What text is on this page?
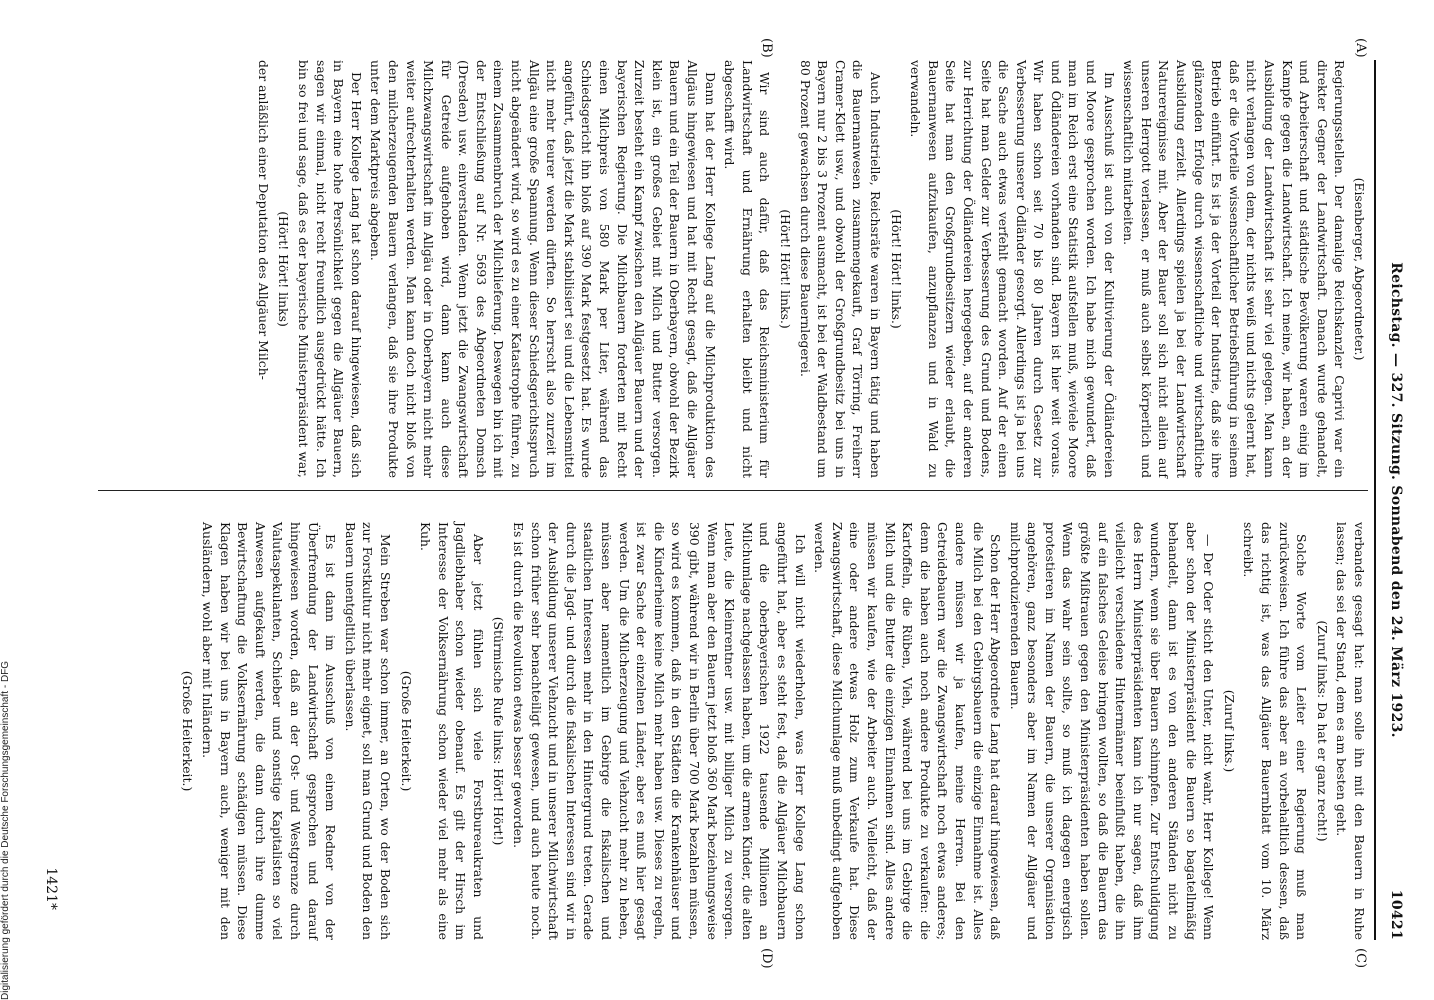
Reichstag. — 327. Sitzung. Sonnabend den 24. März 1923.
10421
(A)
(B)
(C)
(D)

(Eisenberger, Abgeordneter.)

Regierungsstellen. Der damalige Reichskanzler Caprivi war ein direkter Gegner der Landwirtschaft. Danach wurde gehandelt, und Arbeiterschaft und städtische Bevölkerung waren einig im Kampfe gegen die Landwirtschaft. Ich meine, wir haben, an der Ausbildung der Landwirtschaft ist sehr viel gelegen. Man kann nicht verlangen von dem, der nichts weiß und nichts gelernt hat, daß er die Vorteile wissenschaftlicher Betriebsführung in seinem Betrieb einführt. Es ist ja der Vorteil der Industrie, daß sie ihre glänzenden Erfolge durch wissenschaftliche und wirtschaftliche Ausbildung erzielt. Allerdings spielen ja bei der Landwirtschaft Naturereignisse mit. Aber der Bauer soll sich nicht allein auf unseren Herrgott verlassen, er muß auch selbst körperlich und wissenschaftlich mitarbeiten.

Im Ausschuß ist auch von der Kultivierung der Ödländereien und Moore gesprochen worden. Ich habe mich gewundert, daß man im Reich erst eine Statistik aufstellen muß, wieviele Moore und Ödländereien vorhanden sind. Bayern ist hier weit voraus. Wir haben schon seit 70 bis 80 Jahren durch Gesetz zur Verbesserung unserer Ödländer gesorgt. Allerdings ist ja bei uns die Sache auch etwas verfehlt gemacht worden. Auf der einen Seite hat man Gelder zur Verbesserung des Grund und Bodens, zur Herrichtung der Ödländereien hergegeben, auf der anderen Seite hat man den Großgrundbesitzern wieder erlaubt, die Bauernanwesen aufzukaufen, anzupflanzen und in Wald zu verwandeln.

(Hört! Hört! links.)

Auch Industrielle, Reichsräte waren in Bayern tätig und haben die Bauernanwesen zusammengekauft, Graf Törring, Freiherr Cramer-Klett usw., und obwohl der Großgrundbesitz bei uns in Bayern nur 2 bis 3 Prozent ausmacht, ist bei der Waldbestand um 80 Prozent gewachsen durch diese Bauernlegerei.

(Hört! Hört! links.)

Wir sind auch dafür, daß das Reichsministerium für Landwirtschaft und Ernährung erhalten bleibt und nicht abgeschafft wird.

Dann hat der Herr Kollege Lang auf die Milchproduktion des Allgäus hingewiesen und hat mit Recht gesagt, daß die Allgäuer Bauern und ein Teil der Bauern in Oberbayern, obwohl der Bezirk klein ist, ein großes Gebiet mit Milch und Butter versorgen. Zurzeit besteht ein Kampf zwischen den Allgäuer Bauern und der bayerischen Regierung. Die Milchbauern forderten mit Recht einen Milchpreis von 580 Mark per Liter, während das Schiedsgericht ihn bloß auf 390 Mark festgesetzt hat. Es wurde angeführt, daß jetzt die Mark stabilisiert sei und die Lebensmittel nicht mehr teurer werden dürften. So herrscht also zurzeit im Allgäu eine große Spannung. Wenn dieser Schiedsgerichtsspruch nicht abgeändert wird, so wird es zu einer Katastrophe führen, zu einem Zusammenbruch der Milchlieferung. Deswegen bin ich mit der Entschließung auf Nr. 5693 des Abgeordneten Domsch (Dresden) usw. einverstanden. Wenn jetzt die Zwangswirtschaft für Getreide aufgehoben wird, dann kann auch diese Milchzwangswirtschaft im Allgäu oder in Oberbayern nicht mehr weiter aufrechterhalten werden. Man kann doch nicht bloß von den milcherzeugenden Bauern verlangen, daß sie ihre Produkte unter dem Marktpreis abgeben.

Der Herr Kollege Lang hat schon darauf hingewiesen, daß sich in Bayern eine hohe Persönlichkeit gegen die Allgäuer Bauern, sagen wir einmal, nicht recht freundlich ausgedrückt hätte. Ich bin so frei und sage, daß es der bayerische Ministerpräsident war,

(Hört! Hört! links)

der anläßlich einer Deputation des Allgäuer Milch-

verbandes gesagt hat: man solle ihn mit den Bauern in Ruhe lassen; das sei der Stand, dem es am besten geht.

(Zuruf links: Da hat er ganz recht!)

Solche Worte vom Leiter einer Regierung muß man zurückweisen. Ich führe das aber an vorbehaltlich dessen, daß das richtig ist, was das Allgäuer Bauernblatt vom 10. März schreibt.

(Zuruf links.)

— Der Oder sticht den Unter, nicht wahr, Herr Kollege! Wenn aber schon der Ministerpräsident die Bauern so bagatellmäßig behandelt, dann ist es von den anderen Ständen nicht zu wundern, wenn sie über Bauern schimpfen. Zur Entschuldigung des Herrn Ministerpräsidenten kann ich nur sagen, daß ihm vielleicht verschiedene Hintermänner beeinflußt haben, die ihn auf ein falsches Geleise bringen wollten, so daß die Bauern das größte Mißtrauen gegen den Ministerpräsidenten haben sollen. Wenn das wahr sein sollte, so muß ich dagegen energisch protestieren im Namen der Bauern, die unserer Organisation angehören, ganz besonders aber im Namen der Allgäuer und milchproduzierenden Bauern.

Schon der Herr Abgeordnete Lang hat darauf hingewiesen, daß die Milch bei den Gebirgsbauern die einzige Einnahme ist. Alles andere müssen wir ja kaufen, meine Herren. Bei den Getreidebauern war die Zwangswirtschaft noch etwas anderes; denn die haben auch noch andere Produkte zu verkaufen: die Kartoffeln, die Rüben, Vieh, während bei uns im Gebirge die Milch und die Butter die einzigen Einnahmen sind. Alles andere müssen wir kaufen, wie der Arbeiter auch. Vielleicht, daß der eine oder andere etwas Holz zum Verkaufe hat. Diese Zwangswirtschaft, diese Milchumlage muß unbedingt aufgehoben werden.

Ich will nicht wiederholen, was Herr Kollege Lang schon angeführt hat, aber es steht fest, daß die Allgäuer Milchbauern und die oberbayerischen 1922 tausende Millionen an Milchumlage nachgelassen haben, um die armen Kinder, die alten Leute, die Kleinrentner usw. mit billiger Milch zu versorgen. Wenn man aber den Bauern jetzt bloß 360 Mark beziehungsweise 390 gibt, während wir in Berlin über 700 Mark bezahlen müssen, so wird es kommen, daß in den Städten die Krankenhäuser und die Kinderheime keine Milch mehr haben usw. Dieses zu regeln, ist zwar Sache der einzelnen Länder, aber es muß hier gesagt werden. Um die Milcherzeugung und Viehzucht mehr zu heben, müssen aber namentlich im Gebirge die fiskalischen und staatlichen Interessen mehr in den Hintergrund treten. Gerade durch die Jagd- und durch die fiskalischen Interessen sind wir in der Ausbildung unserer Viehzucht und in unserer Milchwirtschaft schon früher sehr benachteiligt gewesen, und auch heute noch. Es ist durch die Revolution etwas besser geworden.

(Stürmische Rufe links: Hört! Hört!)

Aber jetzt fühlen sich viele Forstbureaukraten und Jagdliebhaber schon wieder obenauf. Es gilt der Hirsch im Interesse der Volksernährung schon wieder viel mehr als eine Kuh.

(Große Heiterkeit.)

Mein Streben war schon immer, an Orten, wo der Boden sich zur Forstkultur nicht mehr eignet, soll man Grund und Boden den Bauern unentgeltlich überlassen.

Es ist dann im Ausschuß von einem Redner von der Überfremdung der Landwirtschaft gesprochen und darauf hingewiesen worden, daß an der Ost- und Westgrenze durch Valutaspekulanten, Schieber und sonstige Kapitalisten so viel Anwesen aufgekauft werden, die dann durch ihre dumme Bewirtschaftung die Volksernährung schädigen müssen. Diese Klagen haben wir bei uns in Bayern auch, weniger mit den Ausländern, wohl aber mit Inländern.

(Große Heiterkeit.)
1421*
Digitalisierung gefördert durch die Deutsche Forschungsgemeinschaft - DFG
